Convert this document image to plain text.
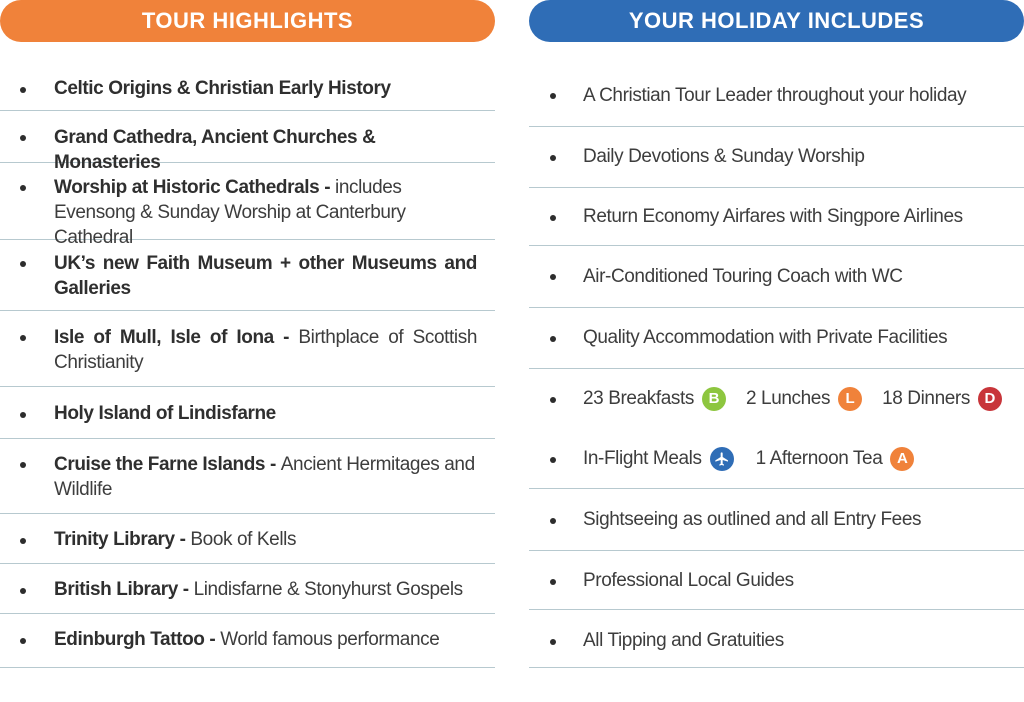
TOUR HIGHLIGHTS
Celtic Origins & Christian Early History
Grand Cathedra, Ancient Churches & Monasteries
Worship at Historic Cathedrals - includes Evensong & Sunday Worship at Canterbury Cathedral
UK’s new Faith Museum + other Museums and Galleries
Isle of Mull, Isle of Iona - Birthplace of Scottish Christianity
Holy Island of Lindisfarne
Cruise the Farne Islands - Ancient Hermitages and Wildlife
Trinity Library - Book of Kells
British Library - Lindisfarne & Stonyhurst Gospels
Edinburgh Tattoo - World famous performance
YOUR HOLIDAY INCLUDES
A Christian Tour Leader throughout your holiday
Daily Devotions & Sunday Worship
Return Economy Airfares with Singpore Airlines
Air-Conditioned Touring Coach with WC
Quality Accommodation with Private Facilities
23 Breakfasts B	2 Lunches	L	18 Dinners D
In-Flight Meals	1 Afternoon Tea A
Sightseeing as outlined and all Entry Fees
Professional Local Guides
All Tipping and Gratuities
